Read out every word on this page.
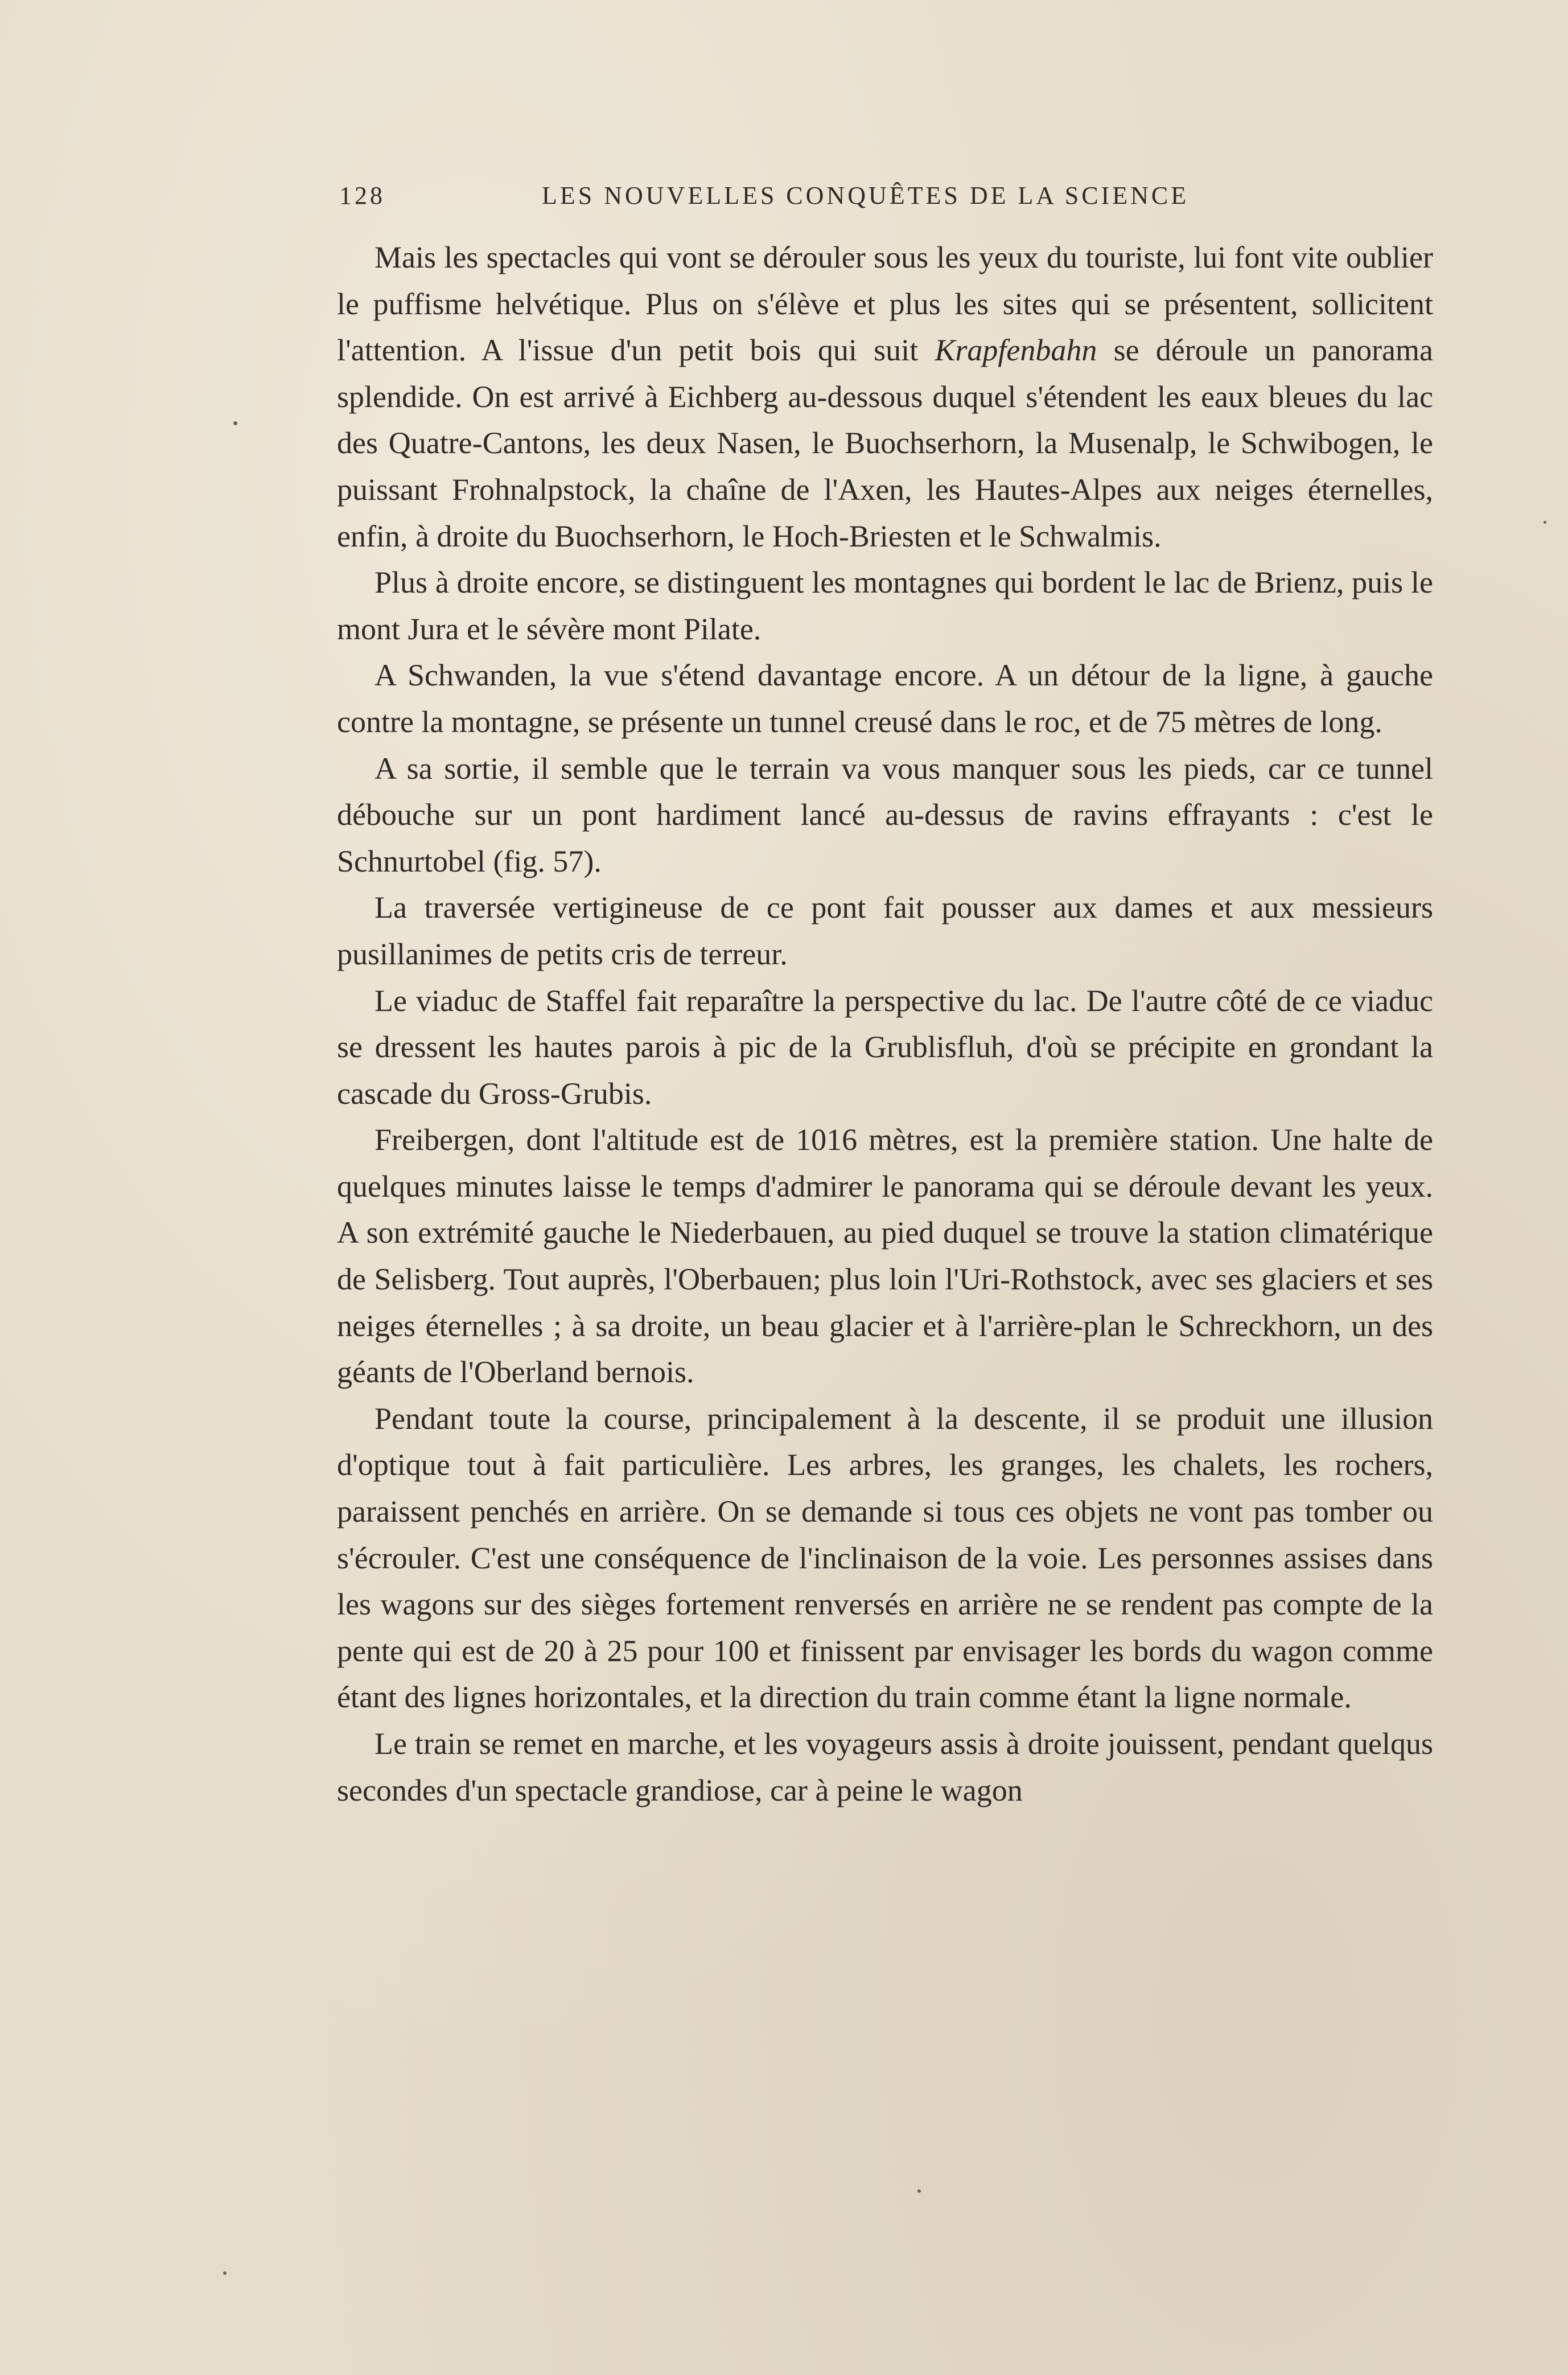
128	LES NOUVELLES CONQUÊTES DE LA SCIENCE

Mais les spectacles qui vont se dérouler sous les yeux du touriste, lui font vite oublier le puffisme helvétique. Plus on s'élève et plus les sites qui se présentent, sollicitent l'attention. A l'issue d'un petit bois qui suit Krapfenbahn se déroule un panorama splendide. On est arrivé à Eichberg au-dessous duquel s'étendent les eaux bleues du lac des Quatre-Cantons, les deux Nasen, le Buochserhorn, la Musenalp, le Schwibogen, le puissant Frohnalpstock, la chaîne de l'Axen, les Hautes-Alpes aux neiges éternelles, enfin, à droite du Buochserhorn, le Hoch-Briesten et le Schwalmis.

Plus à droite encore, se distinguent les montagnes qui bordent le lac de Brienz, puis le mont Jura et le sévère mont Pilate.

A Schwanden, la vue s'étend davantage encore. A un détour de la ligne, à gauche contre la montagne, se présente un tunnel creusé dans le roc, et de 75 mètres de long.

A sa sortie, il semble que le terrain va vous manquer sous les pieds, car ce tunnel débouche sur un pont hardiment lancé au-dessus de ravins effrayants : c'est le Schnurtobel (fig. 57).

La traversée vertigineuse de ce pont fait pousser aux dames et aux messieurs pusillanimes de petits cris de terreur.

Le viaduc de Staffel fait reparaître la perspective du lac. De l'autre côté de ce viaduc se dressent les hautes parois à pic de la Grublisfluh, d'où se précipite en grondant la cascade du Gross-Grubis.

Freibergen, dont l'altitude est de 1016 mètres, est la première station. Une halte de quelques minutes laisse le temps d'admirer le panorama qui se déroule devant les yeux. A son extrémité gauche le Niederbauen, au pied duquel se trouve la station climatérique de Selisberg. Tout auprès, l'Oberbauen; plus loin l'Uri-Rothstock, avec ses glaciers et ses neiges éternelles ; à sa droite, un beau glacier et à l'arrière-plan le Schreckhorn, un des géants de l'Oberland bernois.

Pendant toute la course, principalement à la descente, il se produit une illusion d'optique tout à fait particulière. Les arbres, les granges, les chalets, les rochers, paraissent penchés en arrière. On se demande si tous ces objets ne vont pas tomber ou s'écrouler. C'est une conséquence de l'inclinaison de la voie. Les personnes assises dans les wagons sur des sièges fortement renversés en arrière ne se rendent pas compte de la pente qui est de 20 à 25 pour 100 et finissent par envisager les bords du wagon comme étant des lignes horizontales, et la direction du train comme étant la ligne normale.

Le train se remet en marche, et les voyageurs assis à droite jouissent, pendant quelqus secondes d'un spectacle grandiose, car à peine le wagon
